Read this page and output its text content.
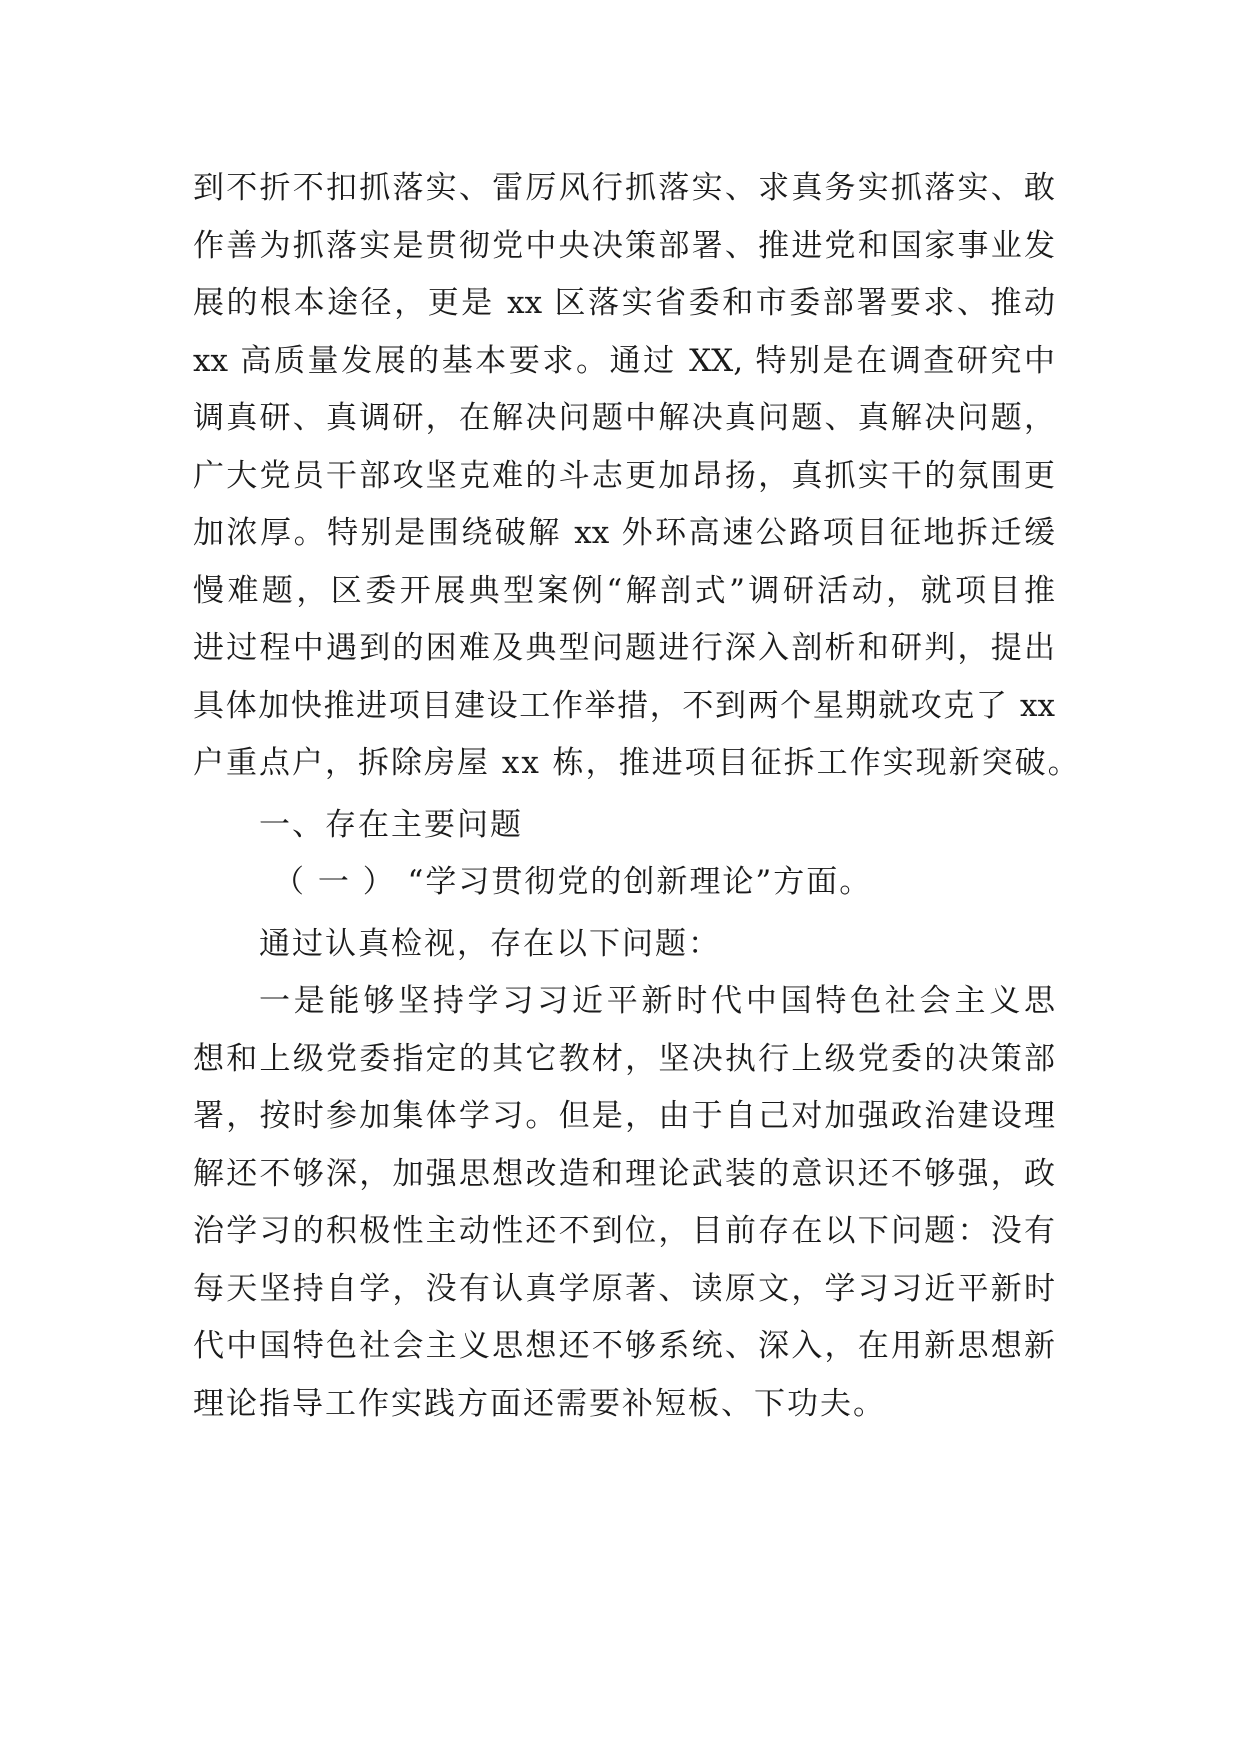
到不折不扣抓落实、雷厉风行抓落实、求真务实抓落实、敢
作善为抓落实是贯彻党中央决策部署、推进党和国家事业发
展的根本途径，更是 xx 区落实省委和市委部署要求、推动
xx 高质量发展的基本要求。通过 XX, 特别是在调查研究中
调真研、真调研，在解决问题中解决真问题、真解决问题，
广大党员干部攻坚克难的斗志更加昂扬，真抓实干的氛围更
加浓厚。特别是围绕破解 xx 外环高速公路项目征地拆迁缓
慢难题，区委开展典型案例“解剖式”调研活动，就项目推
进过程中遇到的困难及典型问题进行深入剖析和研判，提出
具体加快推进项目建设工作举措，不到两个星期就攻克了 xx
户重点户，拆除房屋 xx 栋，推进项目征拆工作实现新突破。
一、存在主要问题
（ 一 ） “学习贯彻党的创新理论”方面。
通过认真检视，存在以下问题：
一是能够坚持学习习近平新时代中国特色社会主义思
想和上级党委指定的其它教材，坚决执行上级党委的决策部
署，按时参加集体学习。但是，由于自己对加强政治建设理
解还不够深，加强思想改造和理论武装的意识还不够强，政
治学习的积极性主动性还不到位，目前存在以下问题：没有
每天坚持自学，没有认真学原著、读原文，学习习近平新时
代中国特色社会主义思想还不够系统、深入，在用新思想新
理论指导工作实践方面还需要补短板、下功夫。
